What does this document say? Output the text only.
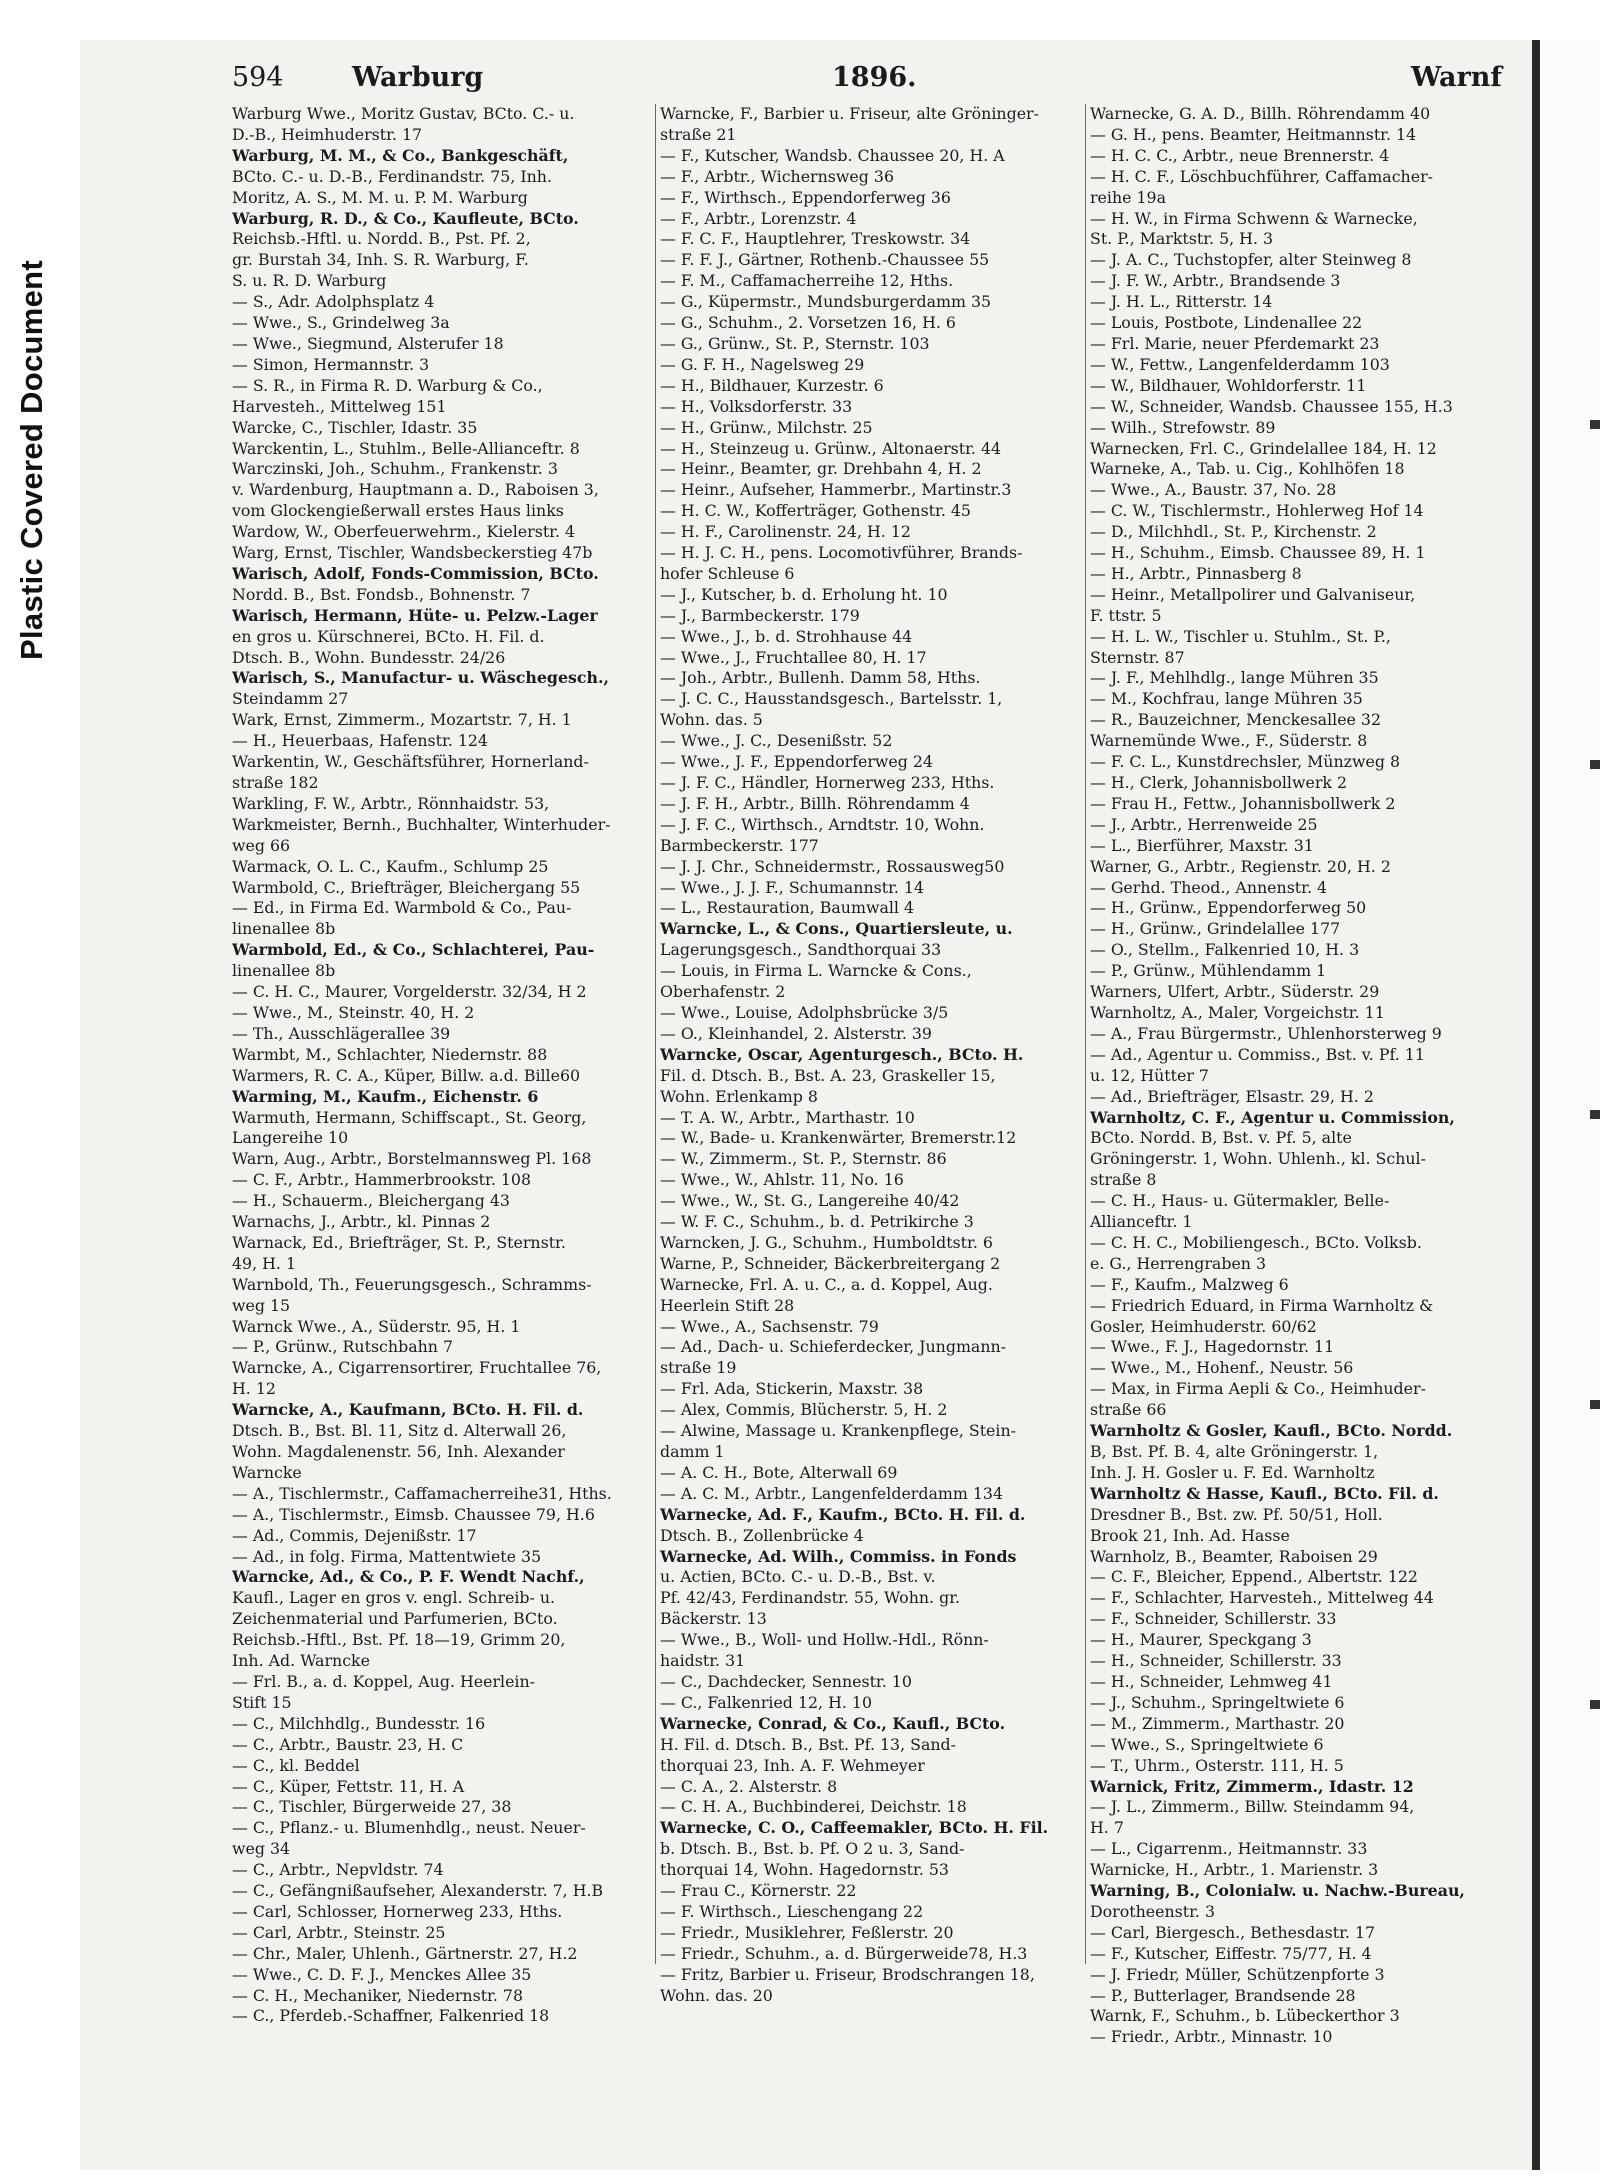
Plastic Covered Document
594	Warburg	1896.	Warnf
Warburg Wwe., Moritz Gustav, BCto. C.- u.
D.-B., Heimhuderstr. 17
Warburg, M. M., & Co., Bankgeschäft,
BCto. C.- u. D.-B., Ferdinandstr. 75, Inh.
Moritz, A. S., M. M. u. P. M. Warburg
Warburg, R. D., & Co., Kaufleute, BCto.
Reichsb.-Hftl. u. Nordd. B., Pst. Pf. 2,
gr. Burstah 34, Inh. S. R. Warburg, F.
S. u. R. D. Warburg
— S., Adr. Adolphsplatz 4
— Wwe., S., Grindelweg 3a
— Wwe., Siegmund, Alsterufer 18
— Simon, Hermannstr. 3
— S. R., in Firma R. D. Warburg & Co.,
Harvesteh., Mittelweg 151
Warcke, C., Tischler, Idastr. 35
Warckentin, L., Stuhlm., Belle-Allianceftr. 8
Warczinski, Joh., Schuhm., Frankenstr. 3
v. Wardenburg, Hauptmann a. D., Raboisen 3,
vom Glockengießerwall erstes Haus links
Wardow, W., Oberfeuerwehrm., Kielerstr. 4
Warg, Ernst, Tischler, Wandsbeckerstieg 47b
Warisch, Adolf, Fonds-Commission, BCto.
Nordd. B., Bst. Fondsb., Bohnenstr. 7
Warisch, Hermann, Hüte- u. Pelzw.-Lager
en gros u. Kürschnerei, BCto. H. Fil. d.
Dtsch. B., Wohn. Bundesstr. 24/26
Warisch, S., Manufactur- u. Wäschegesch.,
Steindamm 27
Wark, Ernst, Zimmerm., Mozartstr. 7, H. 1
— H., Heuerbaas, Hafenstr. 124
Warkentin, W., Geschäftsführer, Hornerland-
straße 182
Warkling, F. W., Arbtr., Rönnhaidstr. 53,
Warkmeister, Bernh., Buchhalter, Winterhuder-
weg 66
Warmack, O. L. C., Kaufm., Schlump 25
Warmbold, C., Briefträger, Bleichergang 55
— Ed., in Firma Ed. Warmbold & Co., Pau-
linenallee 8b
Warmbold, Ed., & Co., Schlachterei, Pau-
linenallee 8b
— C. H. C., Maurer, Vorgelderstr. 32/34, H 2
— Wwe., M., Steinstr. 40, H. 2
— Th., Ausschlägerallee 39
Warmbt, M., Schlachter, Niedernstr. 88
Warmers, R. C. A., Küper, Billw. a.d. Bille60
Warming, M., Kaufm., Eichenstr. 6
Warmuth, Hermann, Schiffscapt., St. Georg,
Langereihe 10
Warn, Aug., Arbtr., Borstelmannsweg Pl. 168
— C. F., Arbtr., Hammerbrookstr. 108
— H., Schauerm., Bleichergang 43
Warnachs, J., Arbtr., kl. Pinnas 2
Warnack, Ed., Briefträger, St. P., Sternstr.
49, H. 1
Warnbold, Th., Feuerungsgesch., Schramms-
weg 15
Warnck Wwe., A., Süderstr. 95, H. 1
— P., Grünw., Rutschbahn 7
Warncke, A., Cigarrensortirer, Fruchtallee 76,
H. 12
Warncke, A., Kaufmann, BCto. H. Fil. d.
Dtsch. B., Bst. Bl. 11, Sitz d. Alterwall 26,
Wohn. Magdalenenstr. 56, Inh. Alexander
Warncke
— A., Tischlermstr., Caffamacherreihe31, Hths.
— A., Tischlermstr., Eimsb. Chaussee 79, H.6
— Ad., Commis, Dejenißstr. 17
— Ad., in folg. Firma, Mattentwiete 35
Warncke, Ad., & Co., P. F. Wendt Nachf.,
Kaufl., Lager en gros v. engl. Schreib- u.
Zeichenmaterial und Parfumerien, BCto.
Reichsb.-Hftl., Bst. Pf. 18—19, Grimm 20,
Inh. Ad. Warncke
— Frl. B., a. d. Koppel, Aug. Heerlein-
Stift 15
— C., Milchhdlg., Bundesstr. 16
— C., Arbtr., Baustr. 23, H. C
— C., kl. Beddel
— C., Küper, Fettstr. 11, H. A
— C., Tischler, Bürgerweide 27, 38
— C., Pflanz.- u. Blumenhdlg., neust. Neuer-
weg 34
— C., Arbtr., Nepvldstr. 74
— C., Gefängnißaufseher, Alexanderstr. 7, H.B
— Carl, Schlosser, Hornerweg 233, Hths.
— Carl, Arbtr., Steinstr. 25
— Chr., Maler, Uhlenh., Gärtnerstr. 27, H.2
— Wwe., C. D. F. J., Menckes Allee 35
— C. H., Mechaniker, Niedernstr. 78
— C., Pferdeb.-Schaffner, Falkenried 18
Warncke, F., Barbier u. Friseur, alte Gröninger-
straße 21
— F., Kutscher, Wandsb. Chaussee 20, H. A
— F., Arbtr., Wichernsweg 36
— F., Wirthsch., Eppendorferweg 36
— F., Arbtr., Lorenzstr. 4
— F. C. F., Hauptlehrer, Treskowstr. 34
— F. F. J., Gärtner, Rothenb.-Chaussee 55
— F. M., Caffamacherreihe 12, Hths.
— G., Küpermstr., Mundsburgerdamm 35
— G., Schuhm., 2. Vorsetzen 16, H. 6
— G., Grünw., St. P., Sternstr. 103
— G. F. H., Nagelsweg 29
— H., Bildhauer, Kurzestr. 6
— H., Volksdorferstr. 33
— H., Grünw., Milchstr. 25
— H., Steinzeug u. Grünw., Altonaerstr. 44
— Heinr., Beamter, gr. Drehbahn 4, H. 2
— Heinr., Aufseher, Hammerbr., Martinstr.3
— H. C. W., Kofferträger, Gothenstr. 45
— H. F., Carolinenstr. 24, H. 12
— H. J. C. H., pens. Locomotivführer, Brands-
hofer Schleuse 6
— J., Kutscher, b. d. Erholung ht. 10
— J., Barmbeckerstr. 179
— Wwe., J., b. d. Strohhause 44
— Wwe., J., Fruchtallee 80, H. 17
— Joh., Arbtr., Bullenh. Damm 58, Hths.
— J. C. C., Hausstandsgesch., Bartelsstr. 1,
Wohn. das. 5
— Wwe., J. C., Desenißstr. 52
— Wwe., J. F., Eppendorferweg 24
— J. F. C., Händler, Hornerweg 233, Hths.
— J. F. H., Arbtr., Billh. Röhrendamm 4
— J. F. C., Wirthsch., Arndtstr. 10, Wohn.
Barmbeckerstr. 177
— J. J. Chr., Schneidermstr., Rossausweg50
— Wwe., J. J. F., Schumannstr. 14
— L., Restauration, Baumwall 4
Warncke, L., & Cons., Quartiersleute, u.
Lagerungsgesch., Sandthorquai 33
— Louis, in Firma L. Warncke & Cons.,
Oberhafenstr. 2
— Wwe., Louise, Adolphsbrücke 3/5
— O., Kleinhandel, 2. Alsterstr. 39
Warncke, Oscar, Agenturgesch., BCto. H.
Fil. d. Dtsch. B., Bst. A. 23, Graskeller 15,
Wohn. Erlenkamp 8
— T. A. W., Arbtr., Marthastr. 10
— W., Bade- u. Krankenwärter, Bremerstr.12
— W., Zimmerm., St. P., Sternstr. 86
— Wwe., W., Ahlstr. 11, No. 16
— Wwe., W., St. G., Langereihe 40/42
— W. F. C., Schuhm., b. d. Petrikirche 3
Warncken, J. G., Schuhm., Humboldtstr. 6
Warne, P., Schneider, Bäckerbreitergang 2
Warnecke, Frl. A. u. C., a. d. Koppel, Aug.
Heerlein Stift 28
— Wwe., A., Sachsenstr. 79
— Ad., Dach- u. Schieferdecker, Jungmann-
straße 19
— Frl. Ada, Stickerin, Maxstr. 38
— Alex, Commis, Blücherstr. 5, H. 2
— Alwine, Massage u. Krankenpflege, Stein-
damm 1
— A. C. H., Bote, Alterwall 69
— A. C. M., Arbtr., Langenfelderdamm 134
Warnecke, Ad. F., Kaufm., BCto. H. Fil. d.
Dtsch. B., Zollenbrücke 4
Warnecke, Ad. Wilh., Commiss. in Fonds
u. Actien, BCto. C.- u. D.-B., Bst. v.
Pf. 42/43, Ferdinandstr. 55, Wohn. gr.
Bäckerstr. 13
— Wwe., B., Woll- und Hollw.-Hdl., Rönn-
haidstr. 31
— C., Dachdecker, Sennestr. 10
— C., Falkenried 12, H. 10
Warnecke, Conrad, & Co., Kaufl., BCto.
H. Fil. d. Dtsch. B., Bst. Pf. 13, Sand-
thorquai 23, Inh. A. F. Wehmeyer
— C. A., 2. Alsterstr. 8
— C. H. A., Buchbinderei, Deichstr. 18
Warnecke, C. O., Caffeemakler, BCto. H. Fil.
b. Dtsch. B., Bst. b. Pf. O 2 u. 3, Sand-
thorquai 14, Wohn. Hagedornstr. 53
— Frau C., Körnerstr. 22
— F. Wirthsch., Lieschengang 22
— Friedr., Musiklehrer, Feßlerstr. 20
— Friedr., Schuhm., a. d. Bürgerweide78, H.3
— Fritz, Barbier u. Friseur, Brodschrangen 18,
Wohn. das. 20
Warnecke, G. A. D., Billh. Röhrendamm 40
— G. H., pens. Beamter, Heitmannstr. 14
— H. C. C., Arbtr., neue Brennerstr. 4
— H. C. F., Löschbuchführer, Caffamacher-
reihe 19a
— H. W., in Firma Schwenn & Warnecke,
St. P., Marktstr. 5, H. 3
— J. A. C., Tuchstopfer, alter Steinweg 8
— J. F. W., Arbtr., Brandsende 3
— J. H. L., Ritterstr. 14
— Louis, Postbote, Lindenallee 22
— Frl. Marie, neuer Pferdemarkt 23
— W., Fettw., Langenfelderdamm 103
— W., Bildhauer, Wohldorferstr. 11
— W., Schneider, Wandsb. Chaussee 155, H.3
— Wilh., Strefowstr. 89
Warnecken, Frl. C., Grindelallee 184, H. 12
Warneke, A., Tab. u. Cig., Kohlhöfen 18
— Wwe., A., Baustr. 37, No. 28
— C. W., Tischlermstr., Hohlerweg Hof 14
— D., Milchhdl., St. P., Kirchenstr. 2
— H., Schuhm., Eimsb. Chaussee 89, H. 1
— H., Arbtr., Pinnasberg 8
— Heinr., Metallpolirer und Galvaniseur,
F. ttstr. 5
— H. L. W., Tischler u. Stuhlm., St. P.,
Sternstr. 87
— J. F., Mehlhdlg., lange Mühren 35
— M., Kochfrau, lange Mühren 35
— R., Bauzeichner, Menckesallee 32
Warnemünde Wwe., F., Süderstr. 8
— F. C. L., Kunstdrechsler, Münzweg 8
— H., Clerk, Johannisbollwerk 2
— Frau H., Fettw., Johannisbollwerk 2
— J., Arbtr., Herrenweide 25
— L., Bierführer, Maxstr. 31
Warner, G., Arbtr., Regienstr. 20, H. 2
— Gerhd. Theod., Annenstr. 4
— H., Grünw., Eppendorferweg 50
— H., Grünw., Grindelallee 177
— O., Stellm., Falkenried 10, H. 3
— P., Grünw., Mühlendamm 1
Warners, Ulfert, Arbtr., Süderstr. 29
Warnholtz, A., Maler, Vorgeichstr. 11
— A., Frau Bürgermstr., Uhlenhorsterweg 9
— Ad., Agentur u. Commiss., Bst. v. Pf. 11
u. 12, Hütter 7
— Ad., Briefträger, Elsastr. 29, H. 2
Warnholtz, C. F., Agentur u. Commission,
BCto. Nordd. B, Bst. v. Pf. 5, alte
Gröningerstr. 1, Wohn. Uhlenh., kl. Schul-
straße 8
— C. H., Haus- u. Gütermakler, Belle-
Allianceftr. 1
— C. H. C., Mobiliengesch., BCto. Volksb.
e. G., Herrengraben 3
— F., Kaufm., Malzweg 6
— Friedrich Eduard, in Firma Warnholtz &
Gosler, Heimhuderstr. 60/62
— Wwe., F. J., Hagedornstr. 11
— Wwe., M., Hohenf., Neustr. 56
— Max, in Firma Aepli & Co., Heimhuder-
straße 66
Warnholtz & Gosler, Kaufl., BCto. Nordd.
B, Bst. Pf. B. 4, alte Gröningerstr. 1,
Inh. J. H. Gosler u. F. Ed. Warnholtz
Warnholtz & Hasse, Kaufl., BCto. Fil. d.
Dresdner B., Bst. zw. Pf. 50/51, Holl.
Brook 21, Inh. Ad. Hasse
Warnholz, B., Beamter, Raboisen 29
— C. F., Bleicher, Eppend., Albertstr. 122
— F., Schlachter, Harvesteh., Mittelweg 44
— F., Schneider, Schillerstr. 33
— H., Maurer, Speckgang 3
— H., Schneider, Schillerstr. 33
— H., Schneider, Lehmweg 41
— J., Schuhm., Springeltwiete 6
— M., Zimmerm., Marthastr. 20
— Wwe., S., Springeltwiete 6
— T., Uhrm., Osterstr. 111, H. 5
Warnick, Fritz, Zimmerm., Idastr. 12
— J. L., Zimmerm., Billw. Steindamm 94,
H. 7
— L., Cigarrenm., Heitmannstr. 33
Warnicke, H., Arbtr., 1. Marienstr. 3
Warning, B., Colonialw. u. Nachw.-Bureau,
Dorotheenstr. 3
— Carl, Biergesch., Bethesdastr. 17
— F., Kutscher, Eiffestr. 75/77, H. 4
— J. Friedr, Müller, Schützenpforte 3
— P., Butterlager, Brandsende 28
Warnk, F., Schuhm., b. Lübeckerthor 3
— Friedr., Arbtr., Minnastr. 10
